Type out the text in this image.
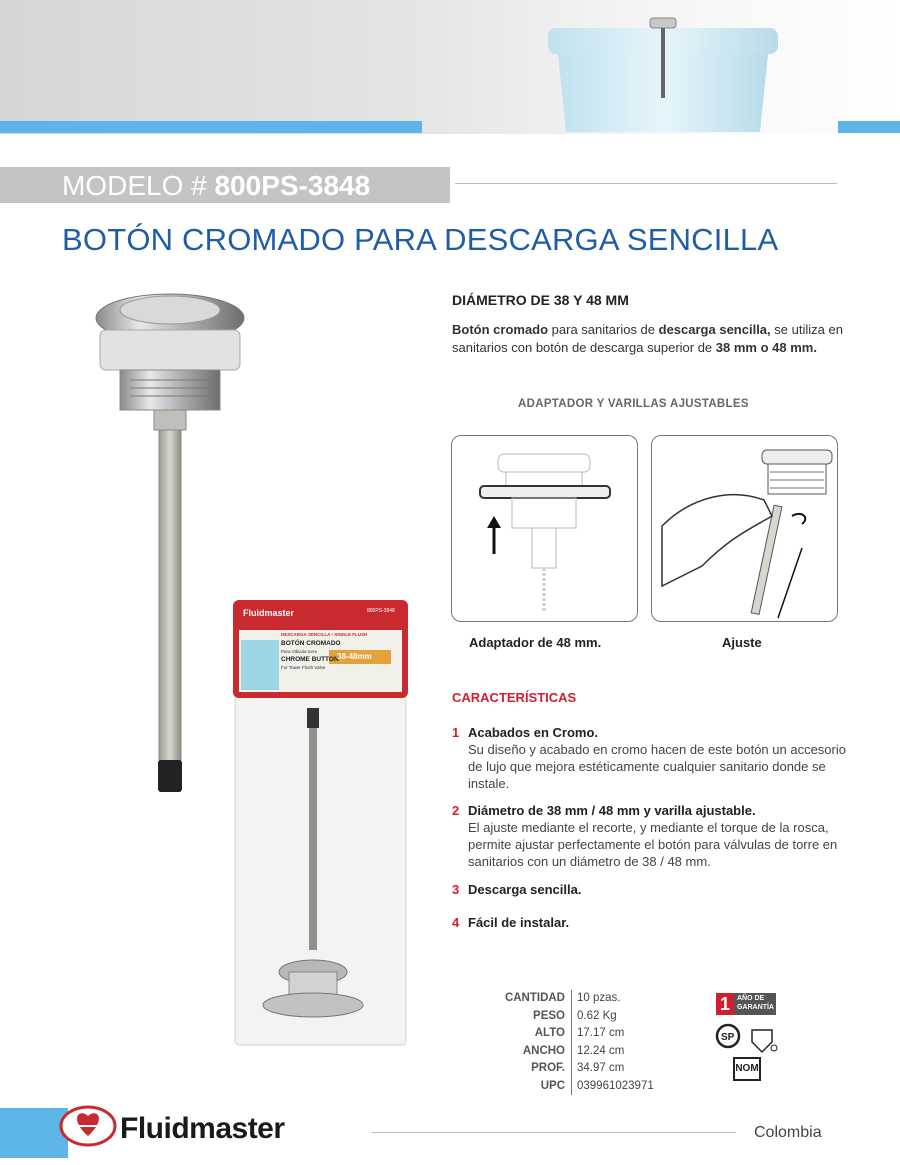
MODELO # 800PS-3848
BOTÓN CROMADO PARA DESCARGA SENCILLA
Fluidmaster	800PS-3848
DESCARGA SENCILLA • SINGLE FLUSH
BOTÓN CROMADO
Para Válvula torre
CHROME BUTTON
For Tower Flush Valve
38-48mm
DIÁMETRO DE 38 Y 48 MM
Botón cromado para sanitarios de descarga sencilla, se utiliza en sanitarios con botón de descarga superior de 38 mm o 48 mm.
ADAPTADOR Y VARILLAS AJUSTABLES
Adaptador de 48 mm.	Ajuste
CARACTERÍSTICAS
1 Acabados en Cromo.
Su diseño y acabado en cromo hacen de este botón un accesorio de lujo que mejora estéticamente cualquier sanitario donde se instale.
2 Diámetro de 38 mm / 48 mm y varilla ajustable.
El ajuste mediante el recorte, y mediante el torque de la rosca, permite ajustar perfectamente el botón para válvulas de torre en sanitarios con un diámetro de 38 / 48 mm.
3 Descarga sencilla.
4 Fácil de instalar.
CANTIDAD	10 pzas.
PESO	0.62 Kg
ALTO	17.17 cm
ANCHO	12.24 cm
PROF.	34.97 cm
UPC	039961023971
1	AÑO DE
GARANTÍA
SP
NOM
Fluidmaster	Colombia
